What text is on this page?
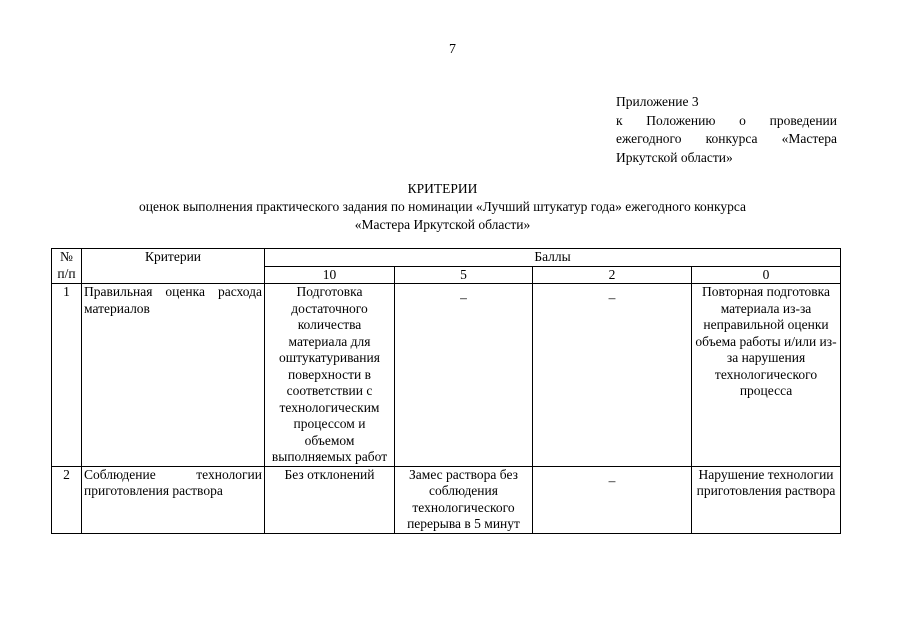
7
Приложение 3
к Положению о проведении
ежегодного конкурса «Мастера
Иркутской области»
КРИТЕРИИ
оценок выполнения практического задания по номинации «Лучший штукатур года» ежегодного конкурса
«Мастера Иркутской области»
№ п/п	Критерии	Баллы			
		10	5	2	0
1	Правильная оценка расхода материалов	Подготовка достаточного количества материала для оштукатуривания поверхности в соответствии с технологическим процессом и объемом выполняемых работ	–	–	Повторная подготовка материала из-за неправильной оценки объема работы и/или из-за нарушения технологического процесса
2	Соблюдение технологии приготовления раствора	Без отклонений	Замес раствора без соблюдения технологического перерыва в 5 минут	–	Нарушение технологии приготовления раствора
